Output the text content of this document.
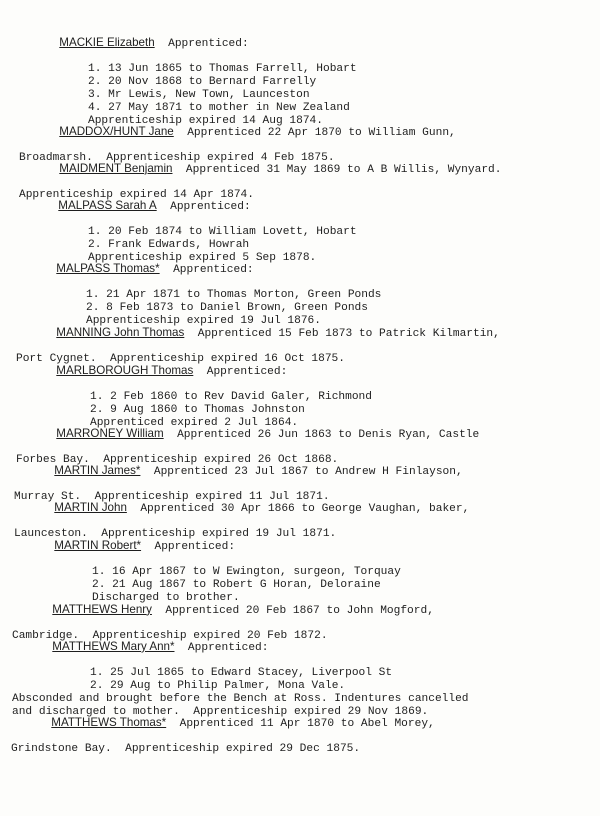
MACKIE Elizabeth Apprenticed:

1. 13 Jun 1865 to Thomas Farrell, Hobart
2. 20 Nov 1868 to Bernard Farrelly
3. Mr Lewis, New Town, Launceston
4. 27 May 1871 to mother in New Zealand
Apprenticeship expired 14 Aug 1874.

MADDOX/HUNT Jane Apprenticed 22 Apr 1870 to William Gunn,

Broadmarsh.  Apprenticeship expired 4 Feb 1875.

MAIDMENT Benjamin Apprenticed 31 May 1869 to A B Willis, Wynyard.

Apprenticeship expired 14 Apr 1874.

MALPASS Sarah A Apprenticed:

1. 20 Feb 1874 to William Lovett, Hobart
2. Frank Edwards, Howrah
Apprenticeship expired 5 Sep 1878.

MALPASS Thomas* Apprenticed:

1. 21 Apr 1871 to Thomas Morton, Green Ponds
2. 8 Feb 1873 to Daniel Brown, Green Ponds
Apprenticeship expired 19 Jul 1876.

MANNING John Thomas Apprenticed 15 Feb 1873 to Patrick Kilmartin,

Port Cygnet.  Apprenticeship expired 16 Oct 1875.

MARLBOROUGH Thomas Apprenticed:

1. 2 Feb 1860 to Rev David Galer, Richmond
2. 9 Aug 1860 to Thomas Johnston
Apprenticed expired 2 Jul 1864.

MARRONEY William Apprenticed 26 Jun 1863 to Denis Ryan, Castle

Forbes Bay.  Apprenticeship expired 26 Oct 1868.

MARTIN James* Apprenticed 23 Jul 1867 to Andrew H Finlayson,

Murray St.  Apprenticeship expired 11 Jul 1871.

MARTIN John Apprenticed 30 Apr 1866 to George Vaughan, baker,

Launceston.  Apprenticeship expired 19 Jul 1871.

MARTIN Robert* Apprenticed:

1. 16 Apr 1867 to W Ewington, surgeon, Torquay
2. 21 Aug 1867 to Robert G Horan, Deloraine
Discharged to brother.

MATTHEWS Henry Apprenticed 20 Feb 1867 to John Mogford,

Cambridge.  Apprenticeship expired 20 Feb 1872.

MATTHEWS Mary Ann* Apprenticed:

1. 25 Jul 1865 to Edward Stacey, Liverpool St
2. 29 Aug to Philip Palmer, Mona Vale.
Absconded and brought before the Bench at Ross. Indentures cancelled
and discharged to mother.  Apprenticeship expired 29 Nov 1869.

MATTHEWS Thomas* Apprenticed 11 Apr 1870 to Abel Morey,

Grindstone Bay.  Apprenticeship expired 29 Dec 1875.
